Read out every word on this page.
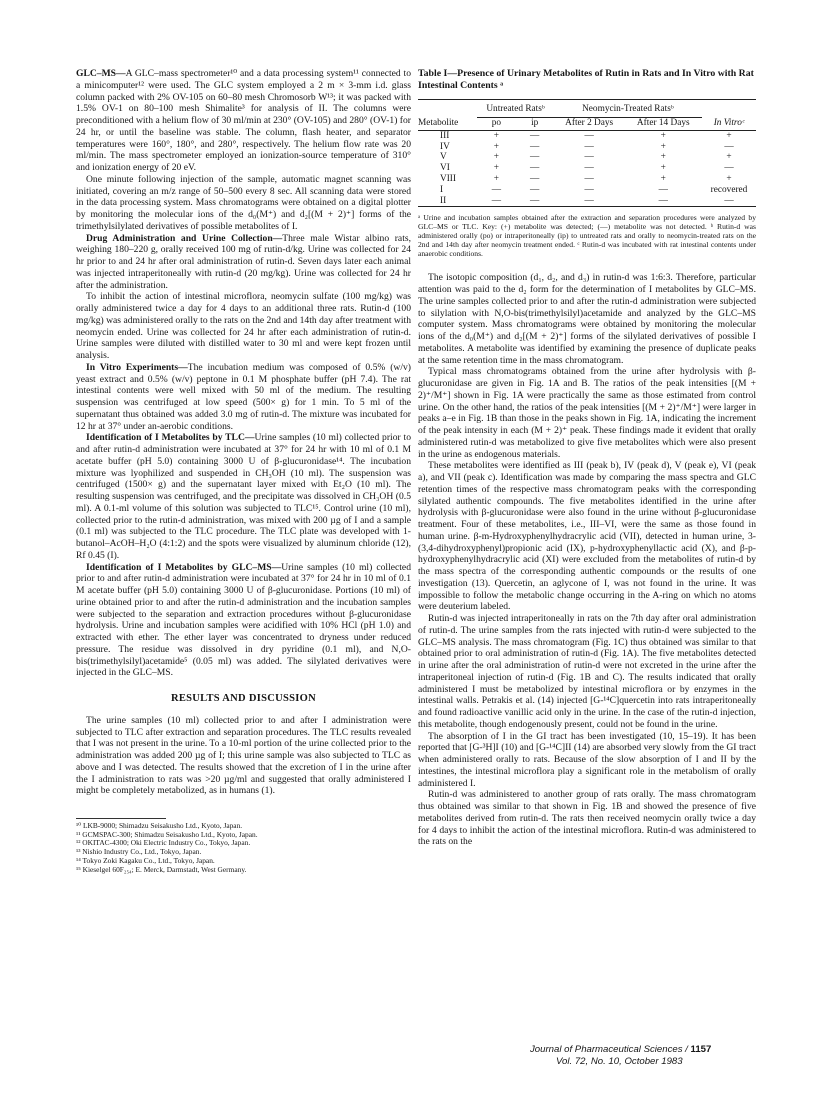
GLC–MS—A GLC–mass spectrometer¹⁰ and a data processing system¹¹ connected to a minicomputer¹² were used. The GLC system employed a 2 m × 3-mm i.d. glass column packed with 2% OV-105 on 60–80 mesh Chromosorb W¹³; it was packed with 1.5% OV-1 on 80–100 mesh Shimalite³ for analysis of II. The columns were preconditioned with a helium flow of 30 ml/min at 230° (OV-105) and 280° (OV-1) for 24 hr, or until the baseline was stable. The column, flash heater, and separator temperatures were 160°, 180°, and 280°, respectively. The helium flow rate was 20 ml/min. The mass spectrometer employed an ionization-source temperature of 310° and ionization energy of 20 eV.

One minute following injection of the sample, automatic magnet scanning was initiated, covering an m/z range of 50–500 every 8 sec. All scanning data were stored in the data processing system. Mass chromatograms were obtained on a digital plotter by monitoring the molecular ions of the d₀(M⁺) and d₂[(M + 2)⁺] forms of the trimethylsilylated derivatives of possible metabolites of I.

Drug Administration and Urine Collection—Three male Wistar albino rats, weighing 180–220 g, orally received 100 mg of rutin-d/kg. Urine was collected for 24 hr prior to and 24 hr after oral administration of rutin-d. Seven days later each animal was injected intraperitoneally with rutin-d (20 mg/kg). Urine was collected for 24 hr after the administration.

To inhibit the action of intestinal microflora, neomycin sulfate (100 mg/kg) was orally administered twice a day for 4 days to an additional three rats. Rutin-d (100 mg/kg) was administered orally to the rats on the 2nd and 14th day after treatment with neomycin ended. Urine was collected for 24 hr after each administration of rutin-d. Urine samples were diluted with distilled water to 30 ml and were kept frozen until analysis.

In Vitro Experiments—The incubation medium was composed of 0.5% (w/v) yeast extract and 0.5% (w/v) peptone in 0.1 M phosphate buffer (pH 7.4). The rat intestinal contents were well mixed with 50 ml of the medium. The resulting suspension was centrifuged at low speed (500× g) for 1 min. To 5 ml of the supernatant thus obtained was added 3.0 mg of rutin-d. The mixture was incubated for 12 hr at 37° under an-aerobic conditions.

Identification of I Metabolites by TLC—Urine samples (10 ml) collected prior to and after rutin-d administration were incubated at 37° for 24 hr with 10 ml of 0.1 M acetate buffer (pH 5.0) containing 3000 U of β-glucuronidase¹⁴. The incubation mixture was lyophilized and suspended in CH₃OH (10 ml). The suspension was centrifuged (1500× g) and the supernatant layer mixed with Et₂O (10 ml). The resulting suspension was centrifuged, and the precipitate was dissolved in CH₃OH (0.5 ml). A 0.1-ml volume of this solution was subjected to TLC¹⁵. Control urine (10 ml), collected prior to the rutin-d administration, was mixed with 200 µg of I and a sample (0.1 ml) was subjected to the TLC procedure. The TLC plate was developed with 1-butanol–AcOH–H₂O (4:1:2) and the spots were visualized by aluminum chloride (12), Rf 0.45 (I).

Identification of I Metabolites by GLC–MS—Urine samples (10 ml) collected prior to and after rutin-d administration were incubated at 37° for 24 hr in 10 ml of 0.1 M acetate buffer (pH 5.0) containing 3000 U of β-glucuronidase. Portions (10 ml) of urine obtained prior to and after the rutin-d administration and the incubation samples were subjected to the separation and extraction procedures without β-glucuronidase hydrolysis. Urine and incubation samples were acidified with 10% HCl (pH 1.0) and extracted with ether. The ether layer was concentrated to dryness under reduced pressure. The residue was dissolved in dry pyridine (0.1 ml), and N,O-bis(trimethylsilyl)acetamide⁵ (0.05 ml) was added. The silylated derivatives were injected in the GLC–MS.

RESULTS AND DISCUSSION

The urine samples (10 ml) collected prior to and after I administration were subjected to TLC after extraction and separation procedures. The TLC results revealed that I was not present in the urine. To a 10-ml portion of the urine collected prior to the administration was added 200 µg of I; this urine sample was also subjected to TLC as above and I was detected. The results showed that the excretion of I in the urine after the I administration to rats was >20 µg/ml and suggested that orally administered I might be completely metabolized, as in humans (1).

¹⁰ LKB-9000; Shimadzu Seisakusho Ltd., Kyoto, Japan.
¹¹ GCMSPAC-300; Shimadzu Seisakusho Ltd., Kyoto, Japan.
¹² OKITAC-4300; Oki Electric Industry Co., Tokyo, Japan.
¹³ Nishio Industry Co., Ltd., Tokyo, Japan.
¹⁴ Tokyo Zoki Kagaku Co., Ltd., Tokyo, Japan.
¹⁵ Kieselgel 60F₂₅₄; E. Merck, Darmstadt, West Germany.
Table I—Presence of Urinary Metabolites of Rutin in Rats and In Vitro with Rat Intestinal Contents ᵃ

	Untreated Ratsᵇ		Neomycin-Treated Ratsᵇ		
Metabolite	po	ip	After 2 Days	After 14 Days	In Vitroᶜ
III	+	—	—	+	+
IV	+	—	—	+	—
V	+	—	—	+	+
VI	+	—	—	+	—
VIII	+	—	—	+	+
I	—	—	—	—	recovered
II	—	—	—	—	—
ᵃ Urine and incubation samples obtained after the extraction and separation procedures were analyzed by GLC–MS or TLC. Key: (+) metabolite was detected; (—) metabolite was not detected. ᵇ Rutin-d was administered orally (po) or intraperitoneally (ip) to untreated rats and orally to neomycin-treated rats on the 2nd and 14th day after neomycin treatment ended. ᶜ Rutin-d was incubated with rat intestinal contents under anaerobic conditions.

The isotopic composition (d₁, d₂, and d₃) in rutin-d was 1:6:3. Therefore, particular attention was paid to the d₂ form for the determination of I metabolites by GLC–MS. The urine samples collected prior to and after the rutin-d administration were subjected to silylation with N,O-bis(trimethylsilyl)acetamide and analyzed by the GLC–MS computer system. Mass chromatograms were obtained by monitoring the molecular ions of the d₀(M⁺) and d₂[(M + 2)⁺] forms of the silylated derivatives of possible I metabolites. A metabolite was identified by examining the presence of duplicate peaks at the same retention time in the mass chromatogram.

Typical mass chromatograms obtained from the urine after hydrolysis with β-glucuronidase are given in Fig. 1A and B. The ratios of the peak intensities [(M + 2)⁺/M⁺] shown in Fig. 1A were practically the same as those estimated from control urine. On the other hand, the ratios of the peak intensities [(M + 2)⁺/M⁺] were larger in peaks a–e in Fig. 1B than those in the peaks shown in Fig. 1A, indicating the increment of the peak intensity in each (M + 2)⁺ peak. These findings made it evident that orally administered rutin-d was metabolized to give five metabolites which were also present in the urine as endogenous materials.

These metabolites were identified as III (peak b), IV (peak d), V (peak e), VI (peak a), and VII (peak c). Identification was made by comparing the mass spectra and GLC retention times of the respective mass chromatogram peaks with the corresponding silylated authentic compounds. The five metabolites identified in the urine after hydrolysis with β-glucuronidase were also found in the urine without β-glucuronidase treatment. Four of these metabolites, i.e., III–VI, were the same as those found in human urine. β-m-Hydroxyphenylhydracrylic acid (VII), detected in human urine, 3-(3,4-dihydroxyphenyl)propionic acid (IX), p-hydroxyphenyllactic acid (X), and β-p-hydroxyphenylhydracrylic acid (XI) were excluded from the metabolites of rutin-d by the mass spectra of the corresponding authentic compounds or the results of one investigation (13). Quercetin, an aglycone of I, was not found in the urine. It was impossible to follow the metabolic change occurring in the A-ring on which no atoms were deuterium labeled.

Rutin-d was injected intraperitoneally in rats on the 7th day after oral administration of rutin-d. The urine samples from the rats injected with rutin-d were subjected to the GLC–MS analysis. The mass chromatogram (Fig. 1C) thus obtained was similar to that obtained prior to oral administration of rutin-d (Fig. 1A). The five metabolites detected in urine after the oral administration of rutin-d were not excreted in the urine after the intraperitoneal injection of rutin-d (Fig. 1B and C). The results indicated that orally administered I must be metabolized by intestinal microflora or by enzymes in the intestinal walls. Petrakis et al. (14) injected [G-¹⁴C]quercetin into rats intraperitoneally and found radioactive vanillic acid only in the urine. In the case of the rutin-d injection, this metabolite, though endogenously present, could not be found in the urine.

The absorption of I in the GI tract has been investigated (10, 15–19). It has been reported that [G-³H]I (10) and [G-¹⁴C]II (14) are absorbed very slowly from the GI tract when administered orally to rats. Because of the slow absorption of I and II by the intestines, the intestinal microflora play a significant role in the metabolism of orally administered I.

Rutin-d was administered to another group of rats orally. The mass chromatogram thus obtained was similar to that shown in Fig. 1B and showed the presence of five metabolites derived from rutin-d. The rats then received neomycin orally twice a day for 4 days to inhibit the action of the intestinal microflora. Rutin-d was administered to the rats on the

Journal of Pharmaceutical Sciences / 1157
Vol. 72, No. 10, October 1983
